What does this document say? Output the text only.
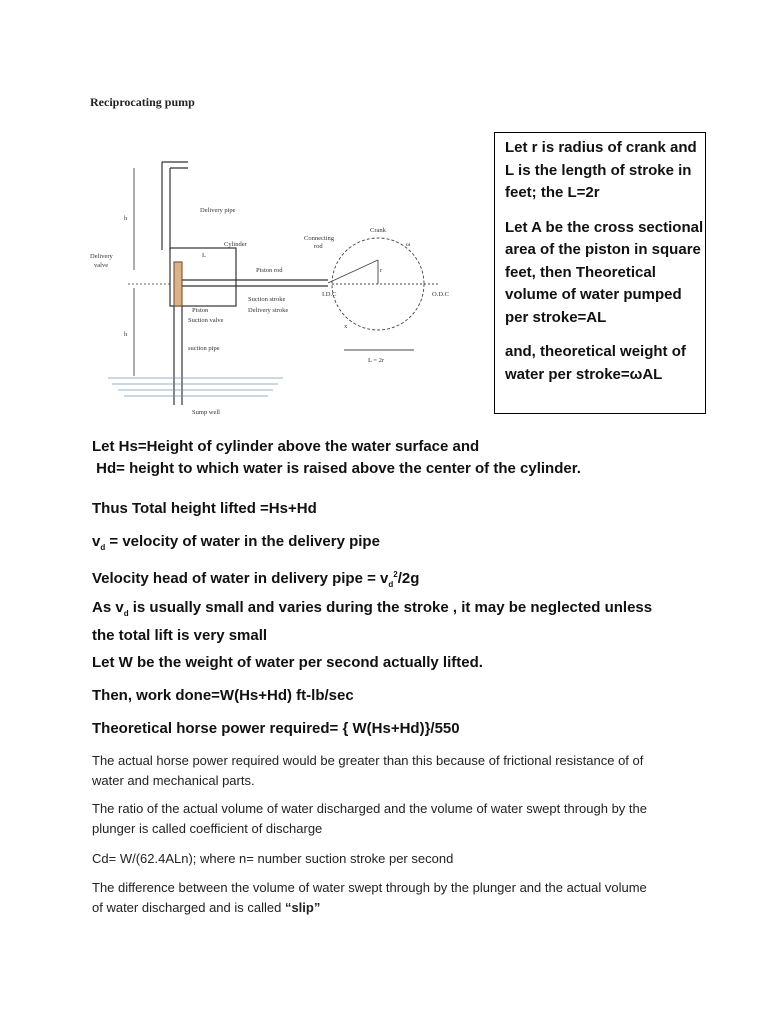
Reciprocating pump

Let r is radius of crank and L is the length of stroke in feet; the L=2r

Let A be the cross sectional area of the piston in square feet, then Theoretical volume of water pumped per stroke=AL

and, theoretical weight of water per stroke=ωAL

Delivery pipe
Delivery
valve
Cylinder
Connecting
rod
Crank
Piston rod
Suction stroke
Delivery stroke
I.D.C	O.D.C
Piston
Suction valve
suction pipe
Sump well
h
h
L
L = 2r
r
x
ω
Let Hs=Height of cylinder above the water surface and
Hd= height to which water is raised above the center of the cylinder.
Thus Total height lifted =Hs+Hd
$v_d$ = velocity of water in the delivery pipe
Velocity head of water in delivery pipe = $v_d^2/2g$
As $v_d$ is usually small and varies during the stroke , it may be neglected unless the total lift is very small
Let W be the weight of water per second actually lifted.
Then, work done=W(Hs+Hd) ft-lb/sec
Theoretical horse power required= { W(Hs+Hd)}/550
The actual horse power required would be greater than this because of frictional resistance of of water and mechanical parts.
The ratio of the actual volume of water discharged and the volume of water swept through by the plunger is called coefficient of discharge
Cd= W/(62.4ALn); where n= number suction stroke per second
The difference between the volume of water swept through by the plunger and the actual volume of water discharged and is called “slip”
